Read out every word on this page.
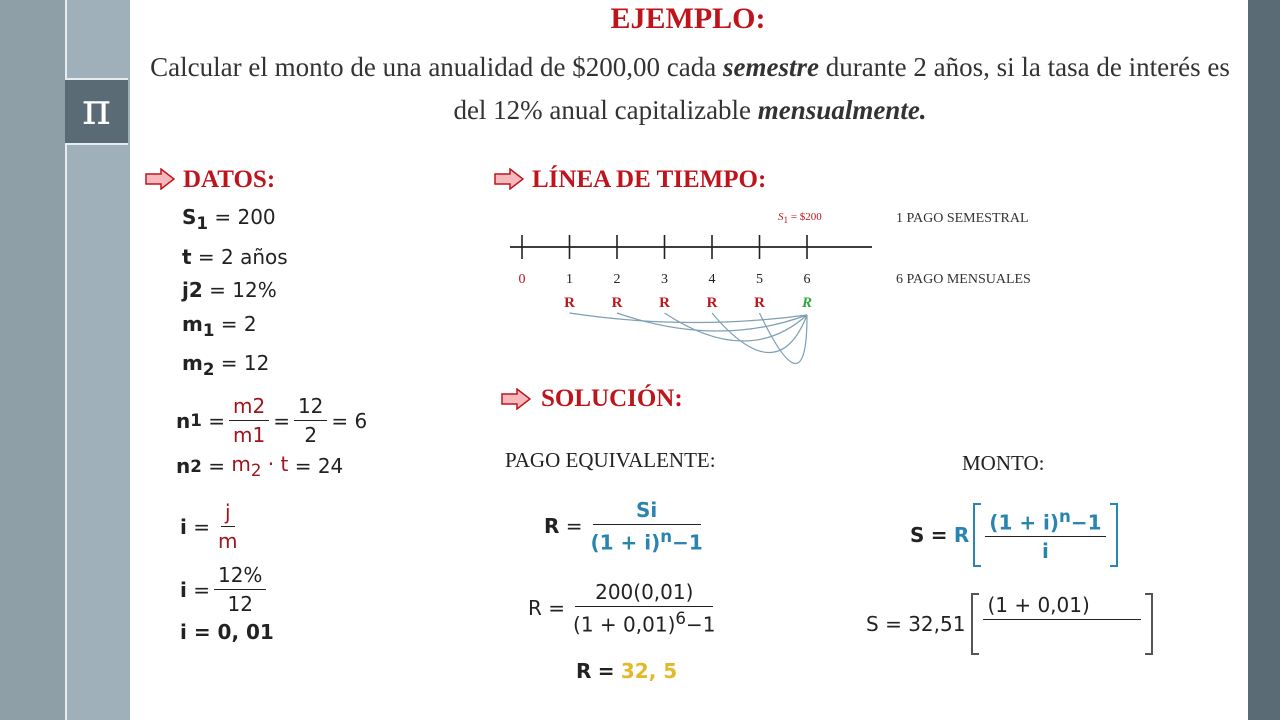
π
EJEMPLO:
Calcular el monto de una anualidad de $200,00 cada semestre durante 2 años, si la tasa de interés es del 12% anual capitalizable mensualmente.
DATOS:
$S_1 = 200$
t = 2 años
j2 = 12%
$m_1 = 2$
$m_2 = 12$
n 1
= $\frac{m2}{m1} = \frac{12}{2} = 6$
n 2
=
$m_2 \cdot t$
= 24
i
= $\frac{j}{m}$
i
= $\frac{12\%}{12}$
i = 0, 01
LÍNEA DE TIEMPO:
$S_1$ = $200	1 PAGO SEMESTRAL
6 PAGO MENSUALES
0	1	2	3	4	5	6
R R R R R R
SOLUCIÓN:
PAGO EQUIVALENTE:	MONTO:
R
= $\frac{Si}{(1 + i)^n-1}$
R
= $\frac{200(0,01)}{(1 + 0,01)^6-1}$
R
=
32, 5
S
=
R $\frac{(1 + i)^n-1}{i}$
S
=
32,51
(1 + 0,01)
